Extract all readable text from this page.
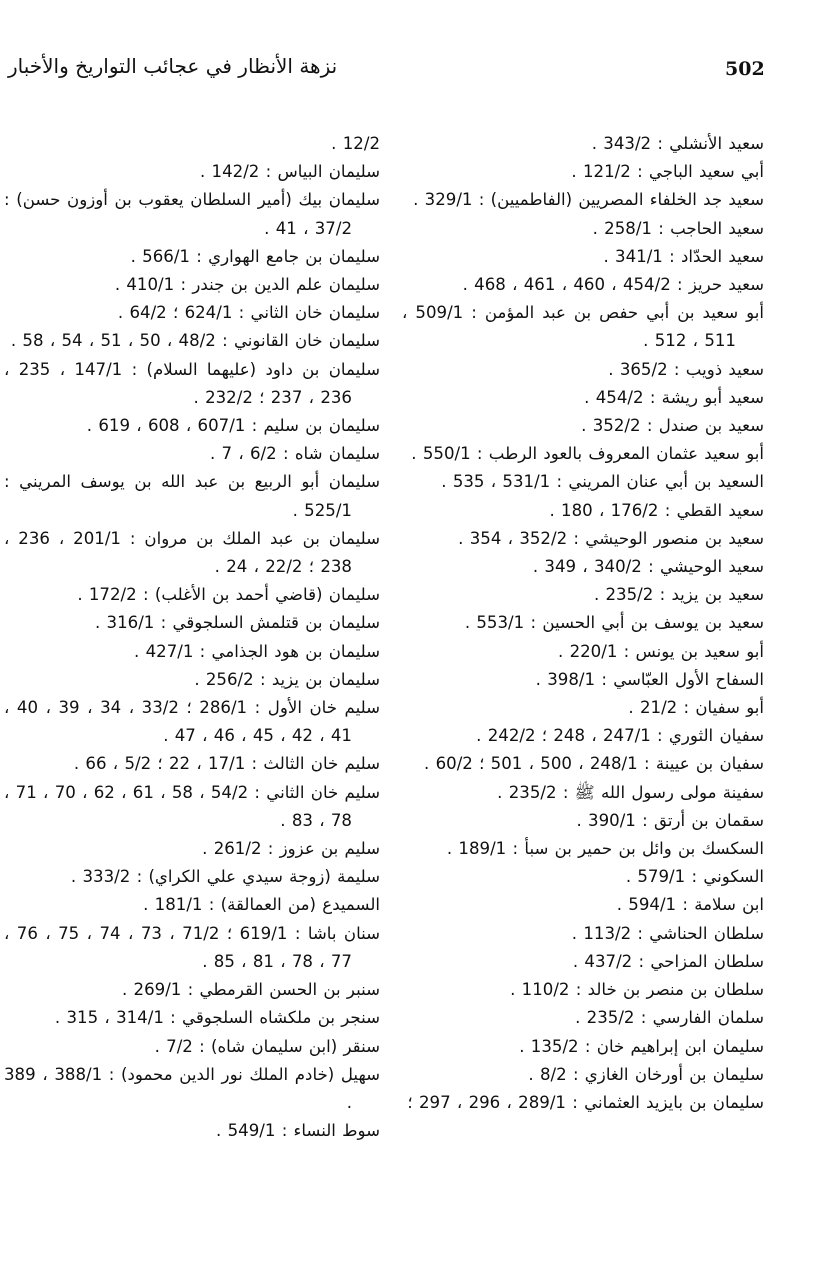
502
نزهة الأنظار في عجائب التواريخ والأخبار
سعيد الأنشلي : 343/2 .
أبي سعيد الباجي : 121/2 .
سعيد جد الخلفاء المصريين (الفاطميين) : 329/1 .
سعيد الحاجب : 258/1 .
سعيد الحدّاد : 341/1 .
سعيد حريز : 454/2 ، 460 ، 461 ، 468 .
أبو سعيد بن أبي حفص بن عبد المؤمن : 509/1 ، 511 ، 512 .
سعيد ذويب : 365/2 .
سعيد أبو ريشة : 454/2 .
سعيد بن صندل : 352/2 .
أبو سعيد عثمان المعروف بالعود الرطب : 550/1 .
السعيد بن أبي عنان المريني : 531/1 ، 535 .
سعيد القطي : 176/2 ، 180 .
سعيد بن منصور الوحيشي : 352/2 ، 354 .
سعيد الوحيشي : 340/2 ، 349 .
سعيد بن يزيد : 235/2 .
سعيد بن يوسف بن أبي الحسين : 553/1 .
أبو سعيد بن يونس : 220/1 .
السفاح الأول العبّاسي : 398/1 .
أبو سفيان : 21/2 .
سفيان الثوري : 247/1 ، 248 ؛ 242/2 .
سفيان بن عيينة : 248/1 ، 500 ، 501 ؛ 60/2 .
سفينة مولى رسول الله ﷺ : 235/2 .
سقمان بن أرتق : 390/1 .
السكسك بن وائل بن حمير بن سبأ : 189/1 .
السكوني : 579/1 .
ابن سلامة : 594/1 .
سلطان الحناشي : 113/2 .
سلطان المزاحي : 437/2 .
سلطان بن منصر بن خالد : 110/2 .
سلمان الفارسي : 235/2 .
سليمان ابن إبراهيم خان : 135/2 .
سليمان بن أورخان الغازي : 8/2 .
سليمان بن بايزيد العثماني : 289/1 ، 296 ، 297 ؛
12/2 .
سليمان البياس : 142/2 .
سليمان بيك (أمير السلطان يعقوب بن أوزون حسن) : 37/2 ، 41 .
سليمان بن جامع الهواري : 566/1 .
سليمان علم الدين بن جندر : 410/1 .
سليمان خان الثاني : 624/1 ؛ 64/2 .
سليمان خان القانوني : 48/2 ، 50 ، 51 ، 54 ، 58 .
سليمان بن داود (عليهما السلام) : 147/1 ، 235 ، 236 ، 237 ؛ 232/2 .
سليمان بن سليم : 607/1 ، 608 ، 619 .
سليمان شاه : 6/2 ، 7 .
سليمان أبو الربيع بن عبد الله بن يوسف المريني : 525/1 .
سليمان بن عبد الملك بن مروان : 201/1 ، 236 ، 238 ؛ 22/2 ، 24 .
سليمان (قاضي أحمد بن الأغلب) : 172/2 .
سليمان بن قتلمش السلجوقي : 316/1 .
سليمان بن هود الجذامي : 427/1 .
سليمان بن يزيد : 256/2 .
سليم خان الأول : 286/1 ؛ 33/2 ، 34 ، 39 ، 40 ، 41 ، 42 ، 45 ، 46 ، 47 .
سليم خان الثالث : 17/1 ، 22 ؛ 5/2 ، 66 .
سليم خان الثاني : 54/2 ، 58 ، 61 ، 62 ، 70 ، 71 ، 78 ، 83 .
سليم بن عزوز : 261/2 .
سليمة (زوجة سيدي علي الكراي) : 333/2 .
السميدع (من العمالقة) : 181/1 .
سنان باشا : 619/1 ؛ 71/2 ، 73 ، 74 ، 75 ، 76 ، 77 ، 78 ، 81 ، 85 .
سنبر بن الحسن القرمطي : 269/1 .
سنجر بن ملكشاه السلجوقي : 314/1 ، 315 .
سنقر (ابن سليمان شاه) : 7/2 .
سهيل (خادم الملك نور الدين محمود) : 388/1 ، 389 .
سوط النساء : 549/1 .
